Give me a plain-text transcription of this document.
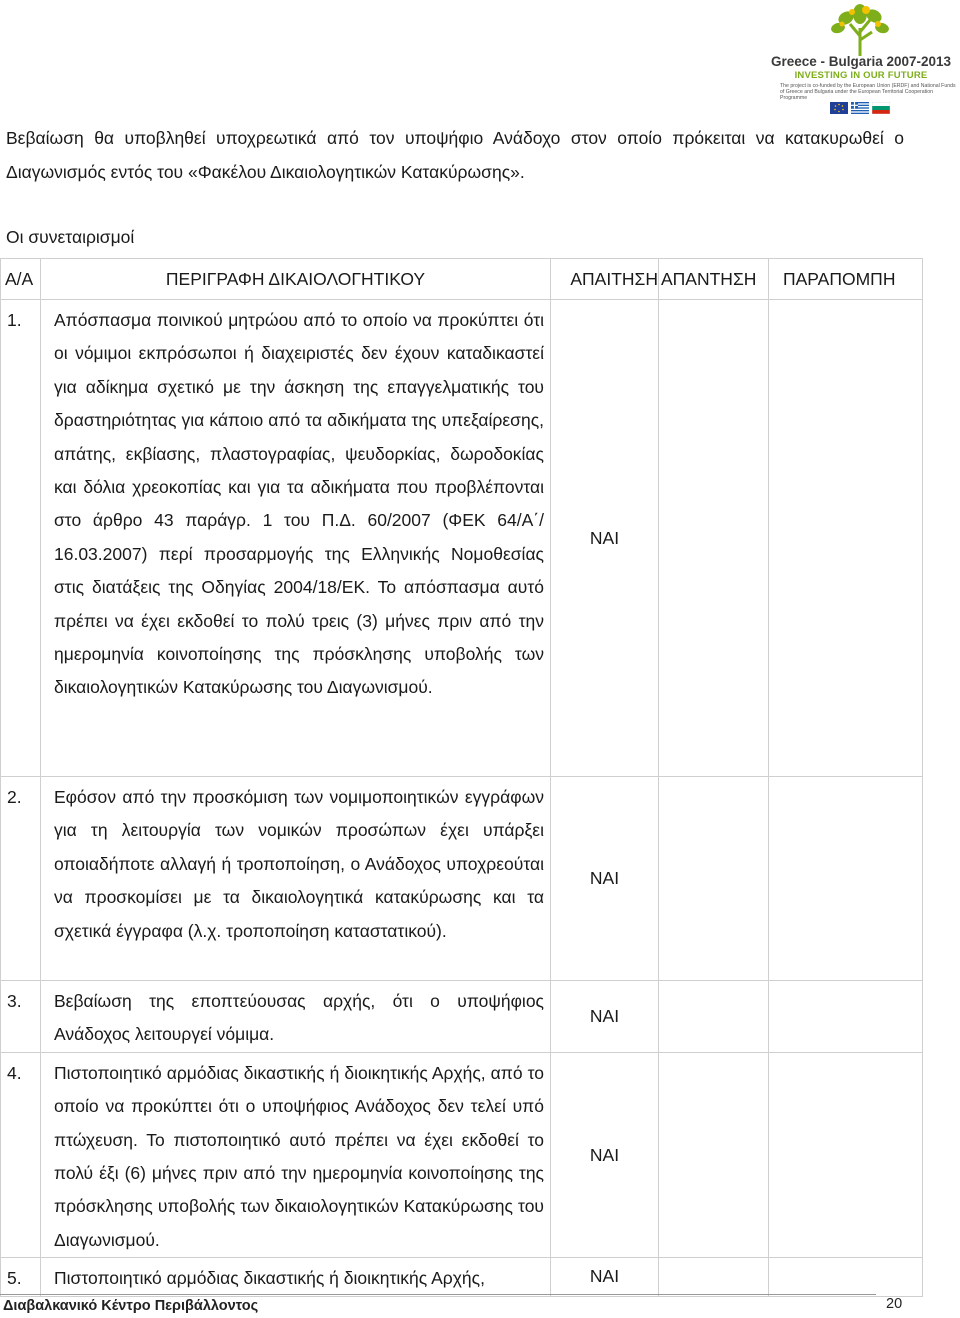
Greece - Bulgaria 2007-2013
INVESTING IN OUR FUTURE
The project is co-funded by the European Union (ERDF) and National Funds of Greece and Bulgaria under the European Territorial Cooperation Programme

Βεβαίωση θα υποβληθεί υποχρεωτικά από τον υποψήφιο Ανάδοχο στον οποίο πρόκειται να κατακυρωθεί ο Διαγωνισμός εντός του «Φακέλου Δικαιολογητικών Κατακύρωσης».

Οι συνεταιρισμοί

Α/Α	ΠΕΡΙΓΡΑΦΗ ΔΙΚΑΙΟΛΟΓΗΤΙΚΟΥ	ΑΠΑΙΤΗΣΗ	ΑΠΑΝΤΗΣΗ	ΠΑΡΑΠΟΜΠΗ
1.	Απόσπασμα ποινικού μητρώου από το οποίο να προκύπτει ότι οι νόμιμοι εκπρόσωποι ή διαχειριστές δεν έχουν καταδικαστεί για αδίκημα σχετικό με την άσκηση της επαγγελματικής του δραστηριότητας για κάποιο από τα αδικήματα της υπεξαίρεσης, απάτης, εκβίασης, πλαστογραφίας, ψευδορκίας, δωροδοκίας και δόλια χρεοκοπίας και για τα αδικήματα που προβλέπονται στο άρθρο 43 παράγρ. 1 του Π.Δ. 60/2007 (ΦΕΚ 64/Α΄/ 16.03.2007) περί προσαρμογής της Ελληνικής Νομοθεσίας στις διατάξεις της Οδηγίας 2004/18/ΕΚ. Το απόσπασμα αυτό πρέπει να έχει εκδοθεί το πολύ τρεις (3) μήνες πριν από την ημερομηνία κοινοποίησης της πρόσκλησης υποβολής των δικαιολογητικών Κατακύρωσης του Διαγωνισμού.	ΝΑΙ		
2.	Εφόσον από την προσκόμιση των νομιμοποιητικών εγγράφων για τη λειτουργία των νομικών προσώπων έχει υπάρξει οποιαδήποτε αλλαγή ή τροποποίηση, ο Ανάδοχος υποχρεούται να προσκομίσει με τα δικαιολογητικά κατακύρωσης και τα σχετικά έγγραφα (λ.χ. τροποποίηση καταστατικού).	ΝΑΙ		
3.	Βεβαίωση της εποπτεύουσας αρχής, ότι ο υποψήφιος Ανάδοχος λειτουργεί νόμιμα.	ΝΑΙ		
4.	Πιστοποιητικό αρμόδιας δικαστικής ή διοικητικής Αρχής, από το οποίο να προκύπτει ότι ο υποψήφιος Ανάδοχος δεν τελεί υπό πτώχευση. Το πιστοποιητικό αυτό πρέπει να έχει εκδοθεί το πολύ έξι (6) μήνες πριν από την ημερομηνία κοινοποίησης της πρόσκλησης υποβολής των δικαιολογητικών Κατακύρωσης του Διαγωνισμού.	ΝΑΙ		
5.	Πιστοποιητικό αρμόδιας δικαστικής ή διοικητικής Αρχής,	ΝΑΙ		
Διαβαλκανικό Κέντρο Περιβάλλοντος	20
